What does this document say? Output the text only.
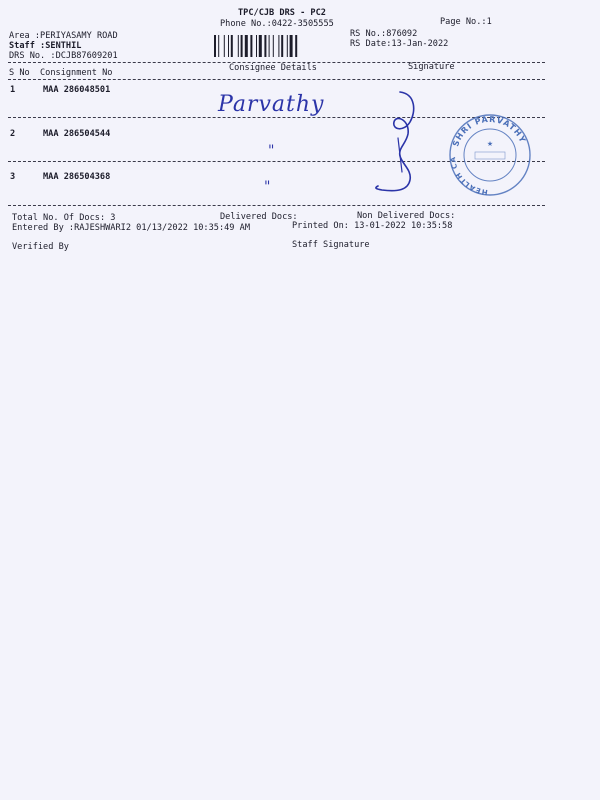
TPC/CJB DRS - PC2
Phone No.:0422-3505555	Page No.:1
Area :PERIYASAMY ROAD
Staff :SENTHIL
DRS No. :DCJB87609201
RS No.:876092
RS Date:13-Jan-2022
S No Consignment No	Consignee Details	Signature
1	MAA 286048501
2	MAA 286504544
3	MAA 286504368
Parvathy
"
"
SHRI PARVATHY
HEALTH CARE
★
Total No. Of Docs: 3	Delivered Docs:	Non Delivered Docs:
Entered By :RAJESHWARI2 01/13/2022 10:35:49 AM	Printed On: 13-01-2022 10:35:58
Verified By	Staff Signature
